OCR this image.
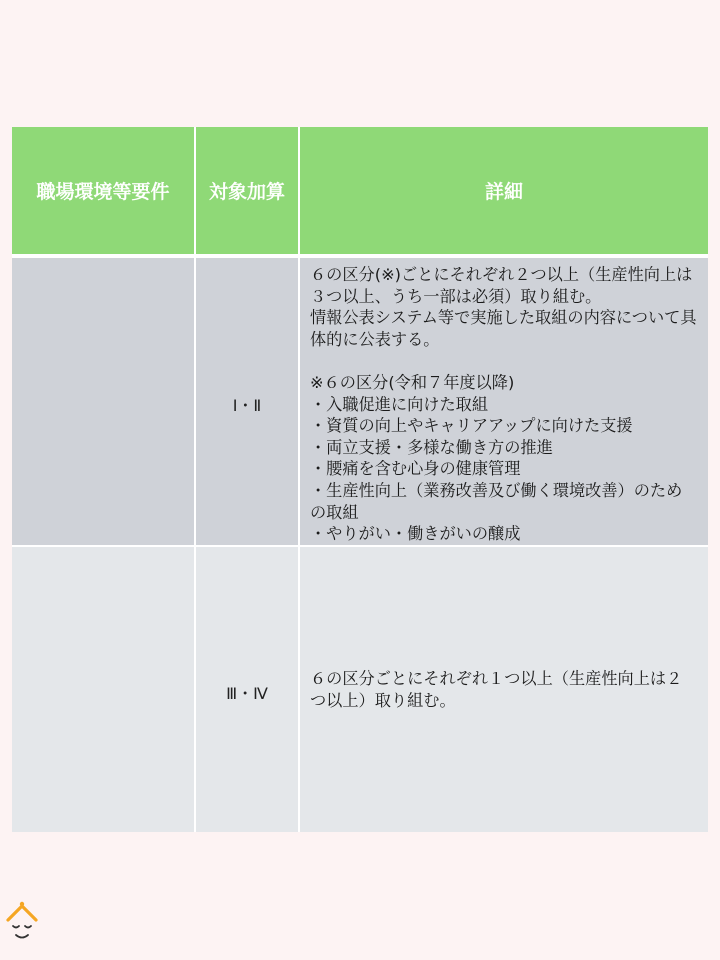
職場環境等要件	対象加算	詳細
Ⅰ・Ⅱ
６の区分(※)ごとにそれぞれ２つ以上（生産性向上は３つ以上、うち一部は必須）取り組む。
情報公表システム等で実施した取組の内容について具体的に公表する。

※６の区分(令和７年度以降)
・入職促進に向けた取組
・資質の向上やキャリアアップに向けた支援
・両立支援・多様な働き方の推進
・腰痛を含む心身の健康管理
・生産性向上（業務改善及び働く環境改善）のための取組
・やりがい・働きがいの醸成
Ⅲ・Ⅳ
６の区分ごとにそれぞれ１つ以上（生産性向上は２つ以上）取り組む。
